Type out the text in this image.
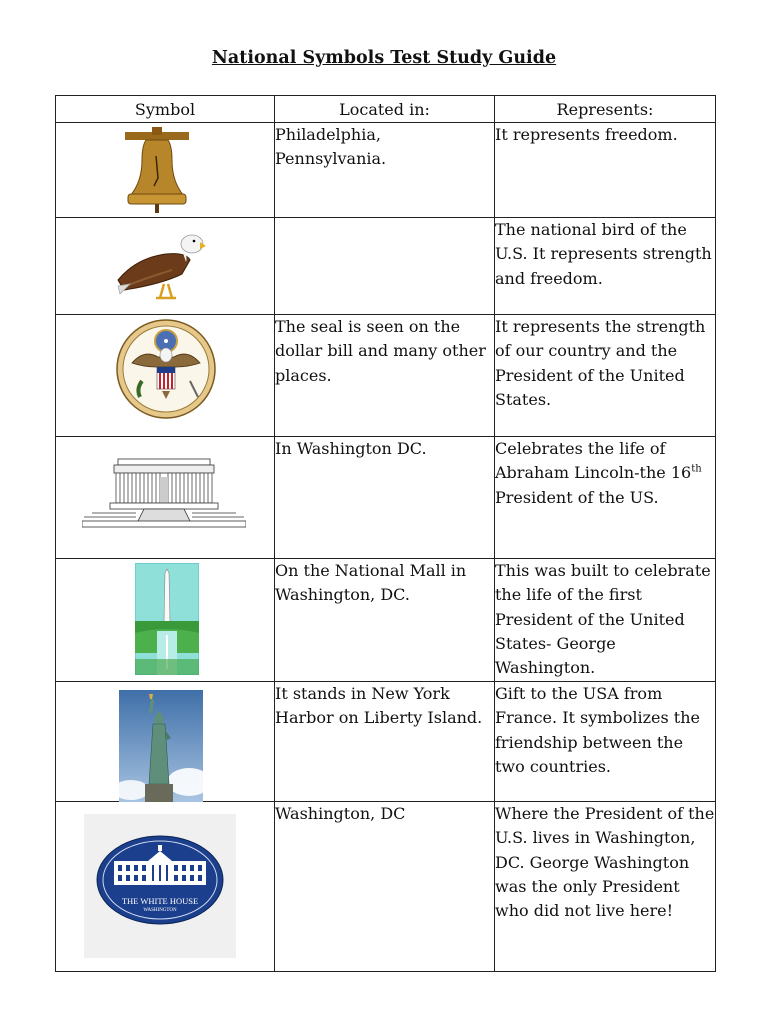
National Symbols Test Study Guide
Symbol	Located in:	Represents:

	Philadelphia, Pennsylvania.	It represents freedom.

		The national bird of the U.S. It represents strength and freedom.

	The seal is seen on the dollar bill and many other places.	It represents the strength of our country and the President of the United States.

	In Washington DC.	Celebrates the life of Abraham Lincoln-the 16th President of the US.

	On the National Mall in Washington, DC.	This was built to celebrate the life of the first President of the United States- George Washington.

	It stands in New York Harbor on Liberty Island.	Gift to the USA from France. It symbolizes the friendship between the two countries.

THE WHITE HOUSE
WASHINGTON	Washington, DC	Where the President of the U.S. lives in Washington, DC. George Washington was the only President who did not live here!
